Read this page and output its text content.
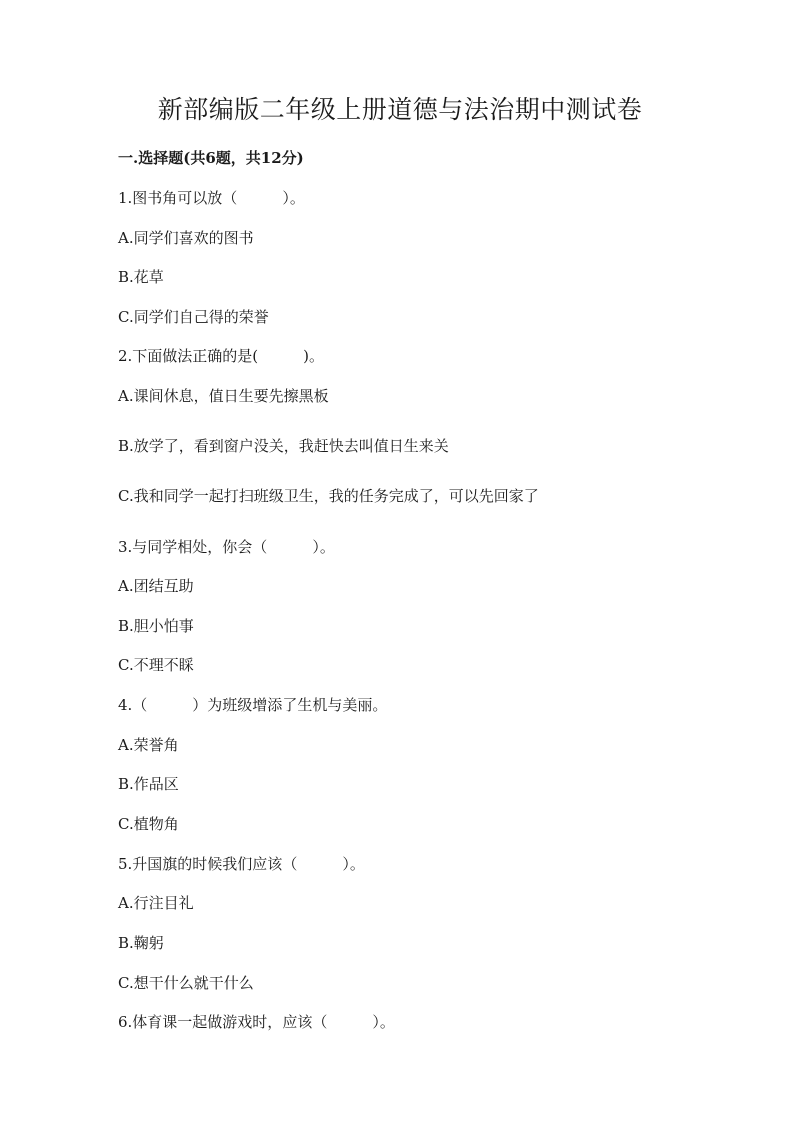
新部编版二年级上册道德与法治期中测试卷

一.选择题(共6题，共12分)

1.图书角可以放（　　　）。

A.同学们喜欢的图书

B.花草

C.同学们自己得的荣誉

2.下面做法正确的是(　　　)。

A.课间休息，值日生要先擦黑板

B.放学了，看到窗户没关，我赶快去叫值日生来关

C.我和同学一起打扫班级卫生，我的任务完成了，可以先回家了

3.与同学相处，你会（　　　）。

A.团结互助

B.胆小怕事

C.不理不睬

4.（　　　）为班级增添了生机与美丽。

A.荣誉角

B.作品区

C.植物角

5.升国旗的时候我们应该（　　　）。

A.行注目礼

B.鞠躬

C.想干什么就干什么

6.体育课一起做游戏时，应该（　　　）。
